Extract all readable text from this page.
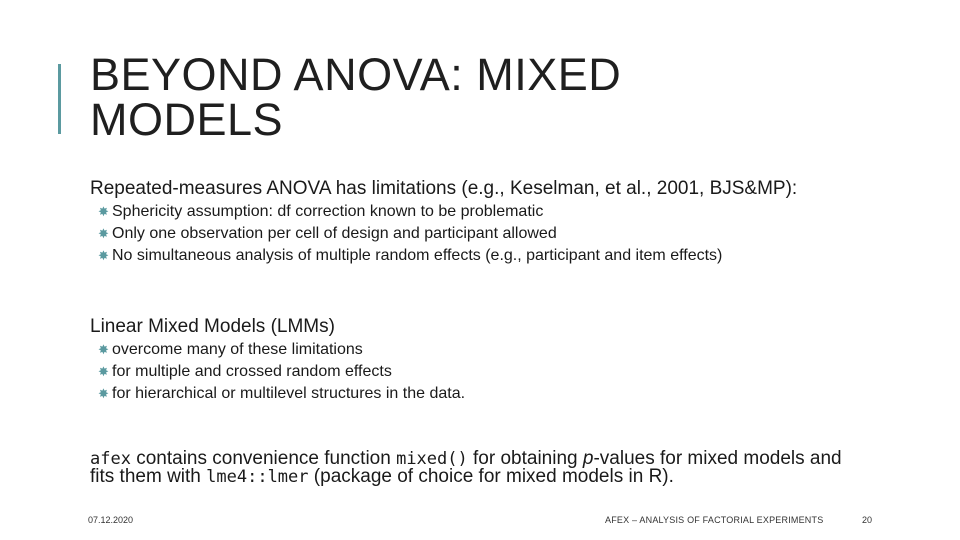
BEYOND ANOVA: MIXED
MODELS

Repeated-measures ANOVA has limitations (e.g., Keselman, et al., 2001, BJS&MP):

✸ Sphericity assumption: df correction known to be problematic
✸ Only one observation per cell of design and participant allowed
✸ No simultaneous analysis of multiple random effects (e.g., participant and item effects)

Linear Mixed Models (LMMs)

✸ overcome many of these limitations
✸ for multiple and crossed random effects
✸ for hierarchical or multilevel structures in the data.

afex contains convenience function mixed() for obtaining p-values for mixed models and fits them with lme4::lmer (package of choice for mixed models in R).

07.12.2020	AFEX – ANALYSIS OF FACTORIAL EXPERIMENTS	20
